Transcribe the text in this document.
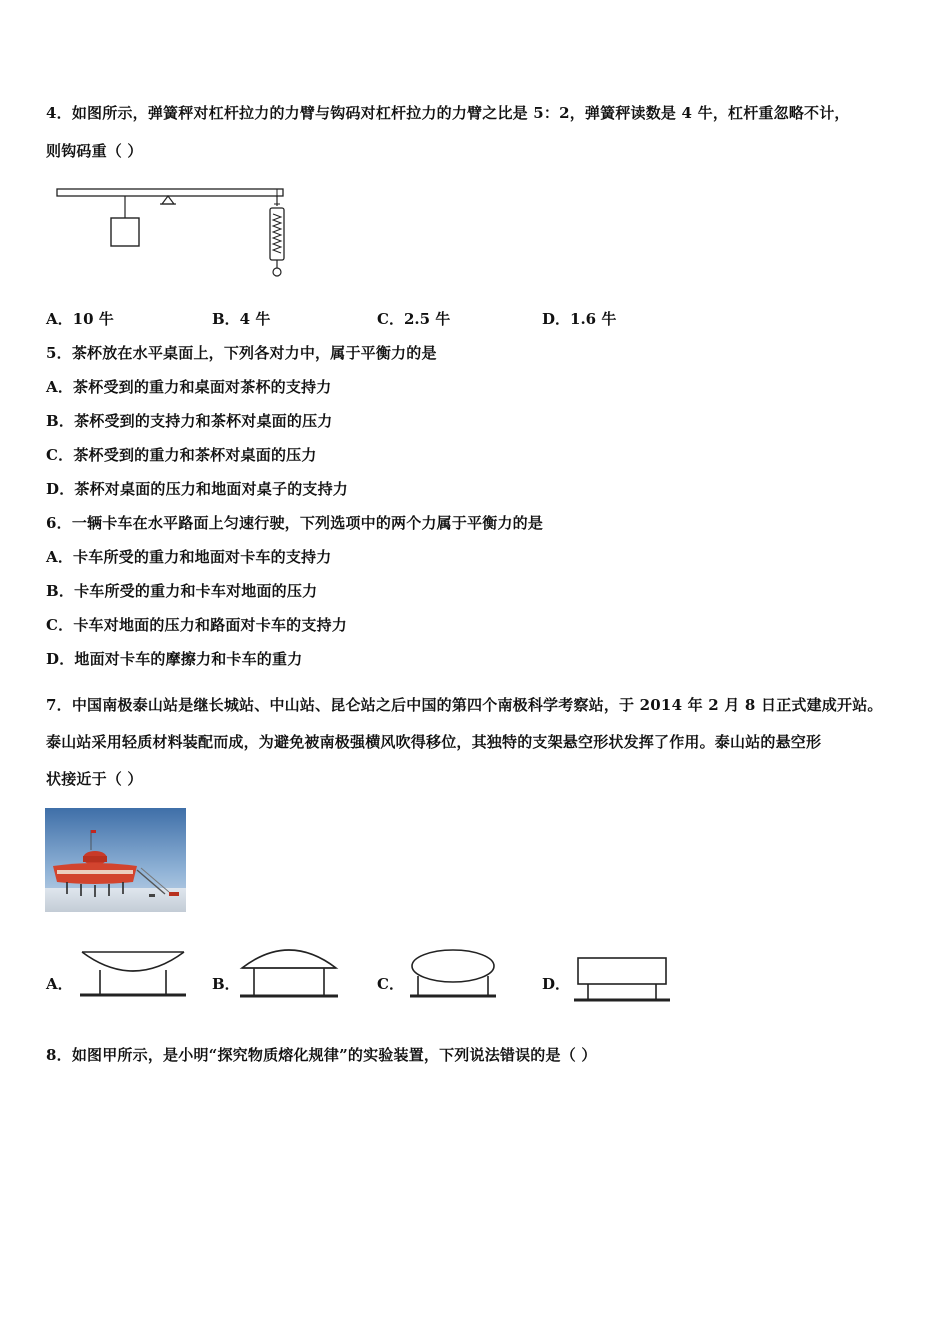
4．如图所示，弹簧秤对杠杆拉力的力臂与钩码对杠杆拉力的力臂之比是 5：2，弹簧秤读数是 4 牛，杠杆重忽略不计，
则钩码重（ ）
A．10 牛	B．4 牛	C．2.5 牛	D．1.6 牛
5．茶杯放在水平桌面上，下列各对力中，属于平衡力的是
A．茶杯受到的重力和桌面对茶杯的支持力
B．茶杯受到的支持力和茶杯对桌面的压力
C．茶杯受到的重力和茶杯对桌面的压力
D．茶杯对桌面的压力和地面对桌子的支持力
6．一辆卡车在水平路面上匀速行驶，下列选项中的两个力属于平衡力的是
A．卡车所受的重力和地面对卡车的支持力
B．卡车所受的重力和卡车对地面的压力
C．卡车对地面的压力和路面对卡车的支持力
D．地面对卡车的摩擦力和卡车的重力
7．中国南极泰山站是继长城站、中山站、昆仑站之后中国的第四个南极科学考察站，于 2014 年 2 月 8 日正式建成开站。
泰山站采用轻质材料装配而成，为避免被南极强横风吹得移位，其独特的支架悬空形状发挥了作用。泰山站的悬空形
状接近于（ ）
A．	B．	C．	D．
8．如图甲所示，是小明“探究物质熔化规律”的实验装置，下列说法错误的是（ ）
